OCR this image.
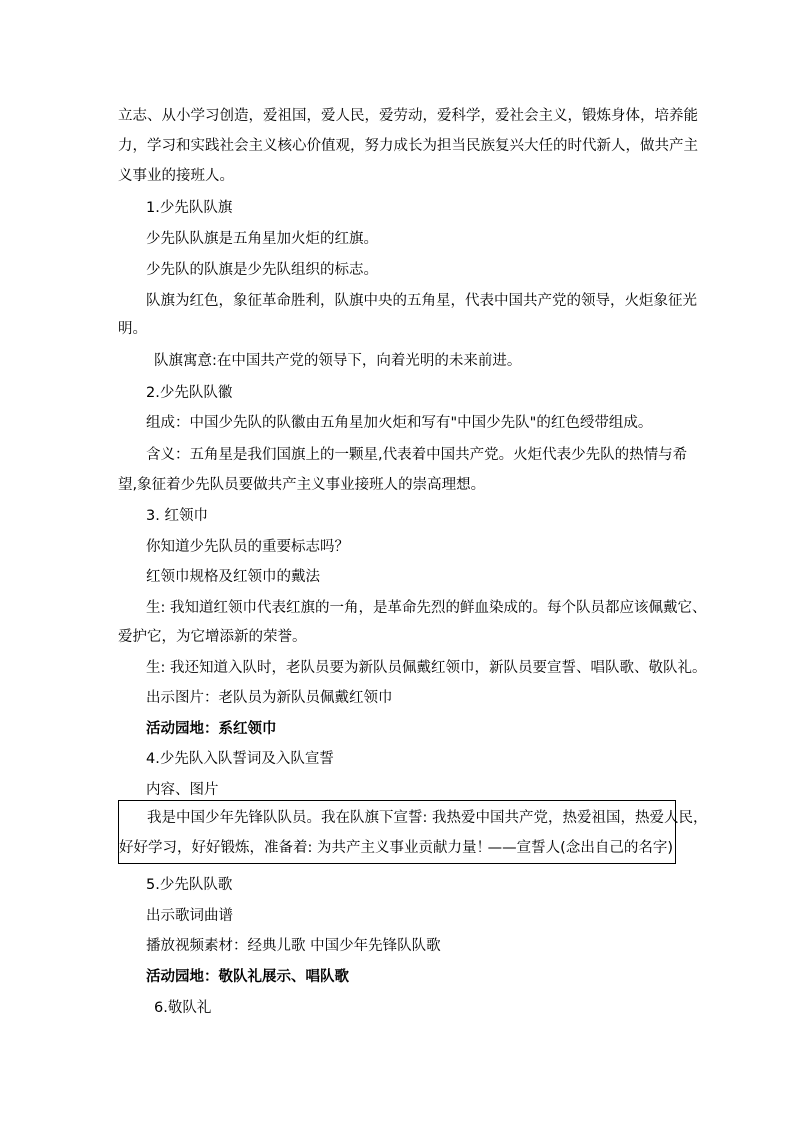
立志、从小学习创造，爱祖国，爱人民，爱劳动，爱科学，爱社会主义，锻炼身体，培养能

力，学习和实践社会主义核心价值观，努力成长为担当民族复兴大任的时代新人，做共产主

义事业的接班人。

1.少先队队旗

少先队队旗是五角星加火炬的红旗。

少先队的队旗是少先队组织的标志。

队旗为红色，象征革命胜利，队旗中央的五角星，代表中国共产党的领导，火炬象征光

明。

队旗寓意:在中国共产党的领导下，向着光明的未来前进。

2.少先队队徽

组成：中国少先队的队徽由五角星加火炬和写有"中国少先队"的红色绶带组成。

含义：五角星是我们国旗上的一颗星,代表着中国共产党。火炬代表少先队的热情与希

望,象征着少先队员要做共产主义事业接班人的崇高理想。

3. 红领巾

你知道少先队员的重要标志吗？

红领巾规格及红领巾的戴法

生: 我知道红领巾代表红旗的一角，是革命先烈的鲜血染成的。每个队员都应该佩戴它、

爱护它，为它增添新的荣誉。

生: 我还知道入队时，老队员要为新队员佩戴红领巾，新队员要宣誓、唱队歌、敬队礼。

出示图片：老队员为新队员佩戴红领巾

活动园地：系红领巾

4.少先队入队誓词及入队宣誓

内容、图片

我是中国少年先锋队队员。我在队旗下宣誓: 我热爱中国共产党，热爱祖国，热爱人民，

好好学习，好好锻炼，准备着: 为共产主义事业贡献力量！

——宣誓人(念出自己的名字)

5.少先队队歌

出示歌词曲谱

播放视频素材：经典儿歌 中国少年先锋队队歌

活动园地：敬队礼展示、唱队歌

6.敬队礼
